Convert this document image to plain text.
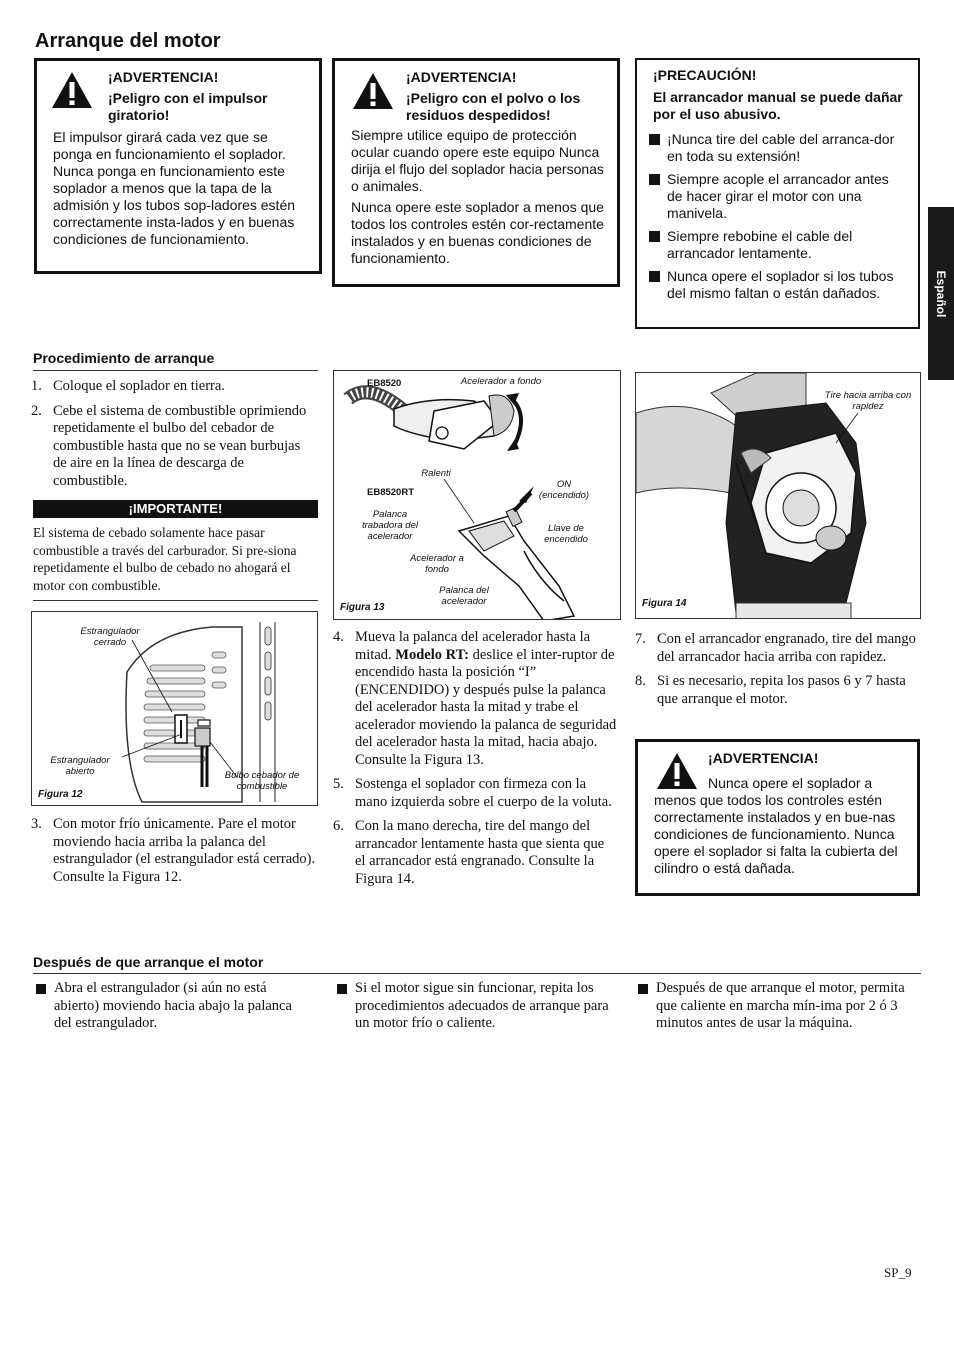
Arranque del motor
¡ADVERTENCIA!
¡Peligro con el impulsor giratorio!

El impulsor girará cada vez que se ponga en funcionamiento el soplador. Nunca ponga en funcionamiento este soplador a menos que la tapa de la admisión y los tubos sop-ladores estén correctamente insta-lados y en buenas condiciones de funcionamiento.

¡ADVERTENCIA!
¡Peligro con el polvo o los residuos despedidos!

Siempre utilice equipo de protección ocular cuando opere este equipo Nunca dirija el flujo del soplador hacia personas o animales.

Nunca opere este soplador a menos que todos los controles estén cor-rectamente instalados y en buenas condiciones de funcionamiento.

¡PRECAUCIÓN!
El arrancador manual se puede dañar por el uso abusivo.
¡Nunca tire del cable del arranca-dor en toda su extensión!
Siempre acople el arrancador antes de hacer girar el motor con una manivela.
Siempre rebobine el cable del arrancador lentamente.
Nunca opere el soplador si los tubos del mismo faltan o están dañados.	Español
Procedimiento de arranque
1. Coloque el soplador en tierra.
2. Cebe el sistema de combustible oprimiendo repetidamente el bulbo del cebador de combustible hasta que no se vean burbujas de aire en la línea de descarga de combustible.
¡IMPORTANTE!
El sistema de cebado solamente hace pasar combustible a través del carburador. Si pre-siona repetidamente el bulbo de cebado no ahogará el motor con combustible.
Estrangulador cerrado
Estrangulador abierto	Bulbo cebador de combustible
Figura 12
3. Con motor frío únicamente. Pare el motor moviendo hacia arriba la palanca del estrangulador (el estrangulador está cerrado). Consulte la Figura 12.
EB8520	Acelerador a fondo
Ralenti
EB8520RT
ON (encendido)
Palanca trabadora del acelerador
Llave de encendido
Acelerador a fondo
Palanca del acelerador
Figura 13
4. Mueva la palanca del acelerador hasta la mitad. Modelo RT: deslice el inter-ruptor de encendido hasta la posición “I” (ENCENDIDO) y después pulse la palanca del acelerador hasta la mitad y trabe el acelerador moviendo la palanca de seguridad del acelerador hasta la mitad, hacia abajo. Consulte la Figura 13.
5. Sostenga el soplador con firmeza con la mano izquierda sobre el cuerpo de la voluta.
6. Con la mano derecha, tire del mango del arrancador lentamente hasta que sienta que el arrancador está engranado. Consulte la Figura 14.
Tire hacia arriba con rapidez
Figura 14
7. Con el arrancador engranado, tire del mango del arrancador hacia arriba con rapidez.
8. Si es necesario, repita los pasos 6 y 7 hasta que arranque el motor.
¡ADVERTENCIA!

Nunca opere el soplador a menos que todos los controles estén correctamente instalados y en bue-nas condiciones de funcionamiento. Nunca opere el soplador si falta la cubierta del cilindro o está dañada.

Después de que arranque el motor
Abra el estrangulador (si aún no está abierto) moviendo hacia abajo la palanca del estrangulador.
Si el motor sigue sin funcionar, repita los procedimientos adecuados de arranque para un motor frío o caliente.
Después de que arranque el motor, permita que caliente en marcha mín-ima por 2 ó 3 minutos antes de usar la máquina.
SP_9
